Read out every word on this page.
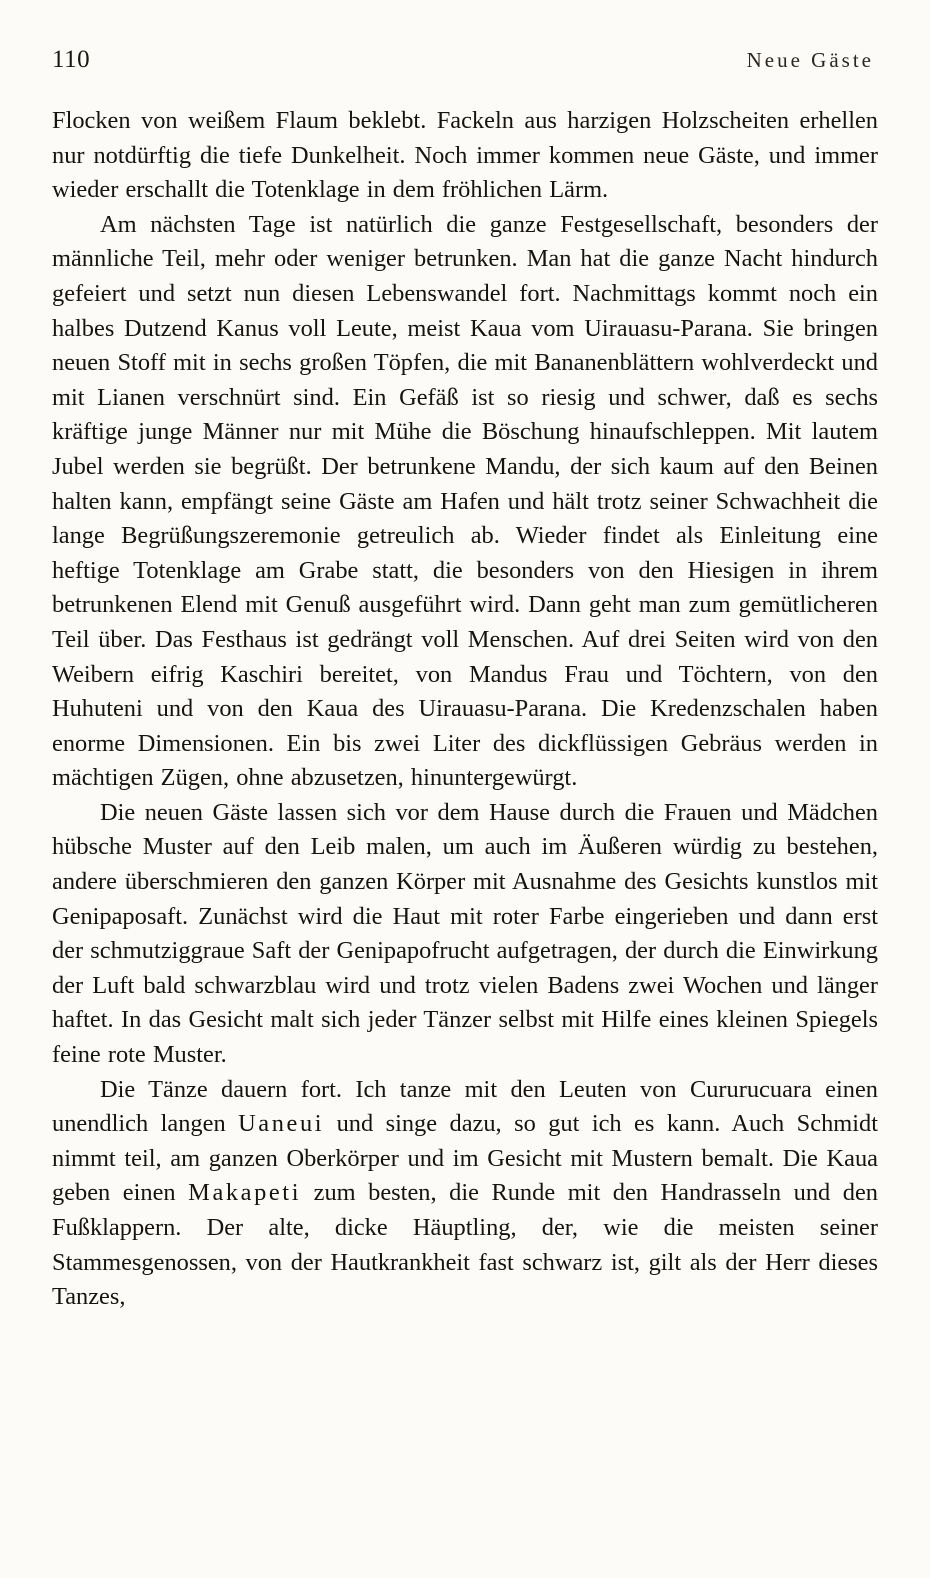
110	Neue Gäste

Flocken von weißem Flaum beklebt. Fackeln aus harzigen Holzscheiten erhellen nur notdürftig die tiefe Dunkelheit. Noch immer kommen neue Gäste, und immer wieder erschallt die Totenklage in dem fröhlichen Lärm.

Am nächsten Tage ist natürlich die ganze Festgesellschaft, besonders der männliche Teil, mehr oder weniger betrunken. Man hat die ganze Nacht hindurch gefeiert und setzt nun diesen Lebenswandel fort. Nachmittags kommt noch ein halbes Dutzend Kanus voll Leute, meist Kaua vom Uirauasu-Parana. Sie bringen neuen Stoff mit in sechs großen Töpfen, die mit Bananenblättern wohlverdeckt und mit Lianen verschnürt sind. Ein Gefäß ist so riesig und schwer, daß es sechs kräftige junge Männer nur mit Mühe die Böschung hinaufschleppen. Mit lautem Jubel werden sie begrüßt. Der betrunkene Mandu, der sich kaum auf den Beinen halten kann, empfängt seine Gäste am Hafen und hält trotz seiner Schwachheit die lange Begrüßungszeremonie getreulich ab. Wieder findet als Einleitung eine heftige Totenklage am Grabe statt, die besonders von den Hiesigen in ihrem betrunkenen Elend mit Genuß ausgeführt wird. Dann geht man zum gemütlicheren Teil über. Das Festhaus ist gedrängt voll Menschen. Auf drei Seiten wird von den Weibern eifrig Kaschiri bereitet, von Mandus Frau und Töchtern, von den Huhuteni und von den Kaua des Uirauasu-Parana. Die Kredenzschalen haben enorme Dimensionen. Ein bis zwei Liter des dickflüssigen Gebräus werden in mächtigen Zügen, ohne abzusetzen, hinuntergewürgt.

Die neuen Gäste lassen sich vor dem Hause durch die Frauen und Mädchen hübsche Muster auf den Leib malen, um auch im Äußeren würdig zu bestehen, andere überschmieren den ganzen Körper mit Ausnahme des Gesichts kunstlos mit Genipaposaft. Zunächst wird die Haut mit roter Farbe eingerieben und dann erst der schmutziggraue Saft der Genipapofrucht aufgetragen, der durch die Einwirkung der Luft bald schwarzblau wird und trotz vielen Badens zwei Wochen und länger haftet. In das Gesicht malt sich jeder Tänzer selbst mit Hilfe eines kleinen Spiegels feine rote Muster.

Die Tänze dauern fort. Ich tanze mit den Leuten von Cururucuara einen unendlich langen Uaneui und singe dazu, so gut ich es kann. Auch Schmidt nimmt teil, am ganzen Oberkörper und im Gesicht mit Mustern bemalt. Die Kaua geben einen Makapeti zum besten, die Runde mit den Handrasseln und den Fußklappern. Der alte, dicke Häuptling, der, wie die meisten seiner Stammesgenossen, von der Hautkrankheit fast schwarz ist, gilt als der Herr dieses Tanzes,
